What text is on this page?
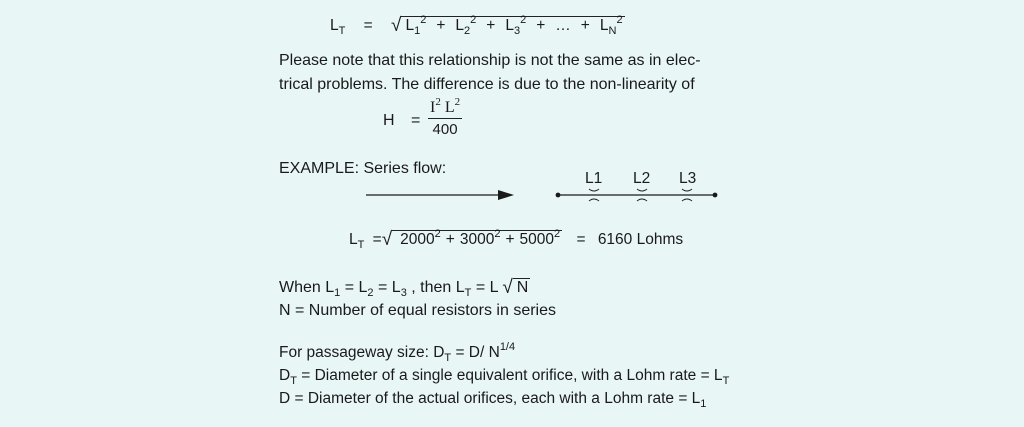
$L_T$ = √ $L_1^2 + L_2^2 + L_3^2$ + … + $L_N^2$
Please note that this relationship is not the same as in elec-
trical problems. The difference is due to the non-linearity of
$H = \frac{I^2 L^2}{400}$
EXAMPLE: Series flow:
L1 L2 L3
$L_T$ =√ $2000^2 + 3000^2 + 5000^2 = 6160$ Lohms
When $L_1 = L_2 = L_3$ , then $L_T = L$ √ N
N = Number of equal resistors in series
For passageway size: $D_T = D/$ $N^{1/4}$
$D_T$ = Diameter of a single equivalent orifice, with a Lohm rate = $L_T$
D = Diameter of the actual orifices, each with a Lohm rate = $L_1$
